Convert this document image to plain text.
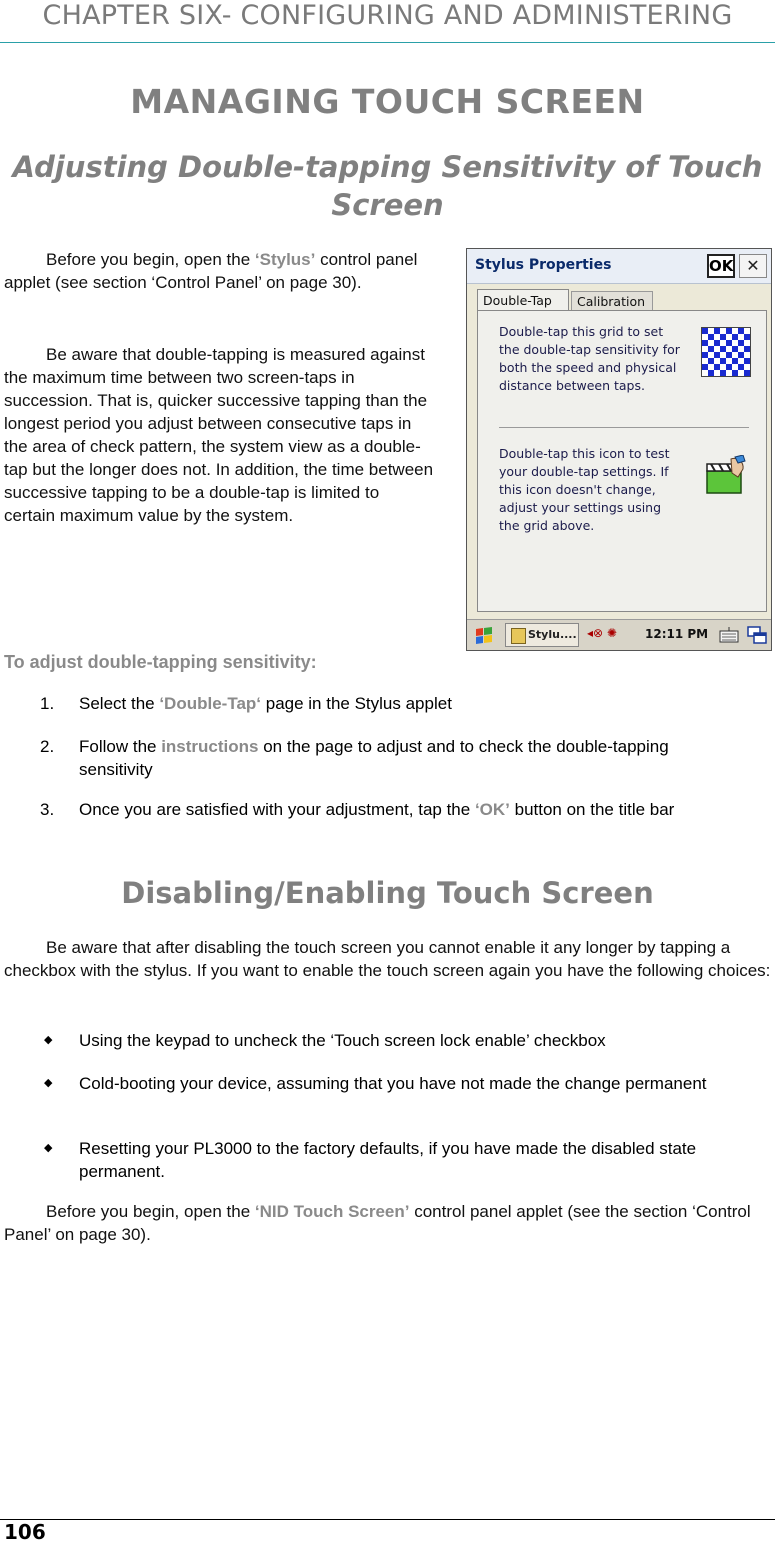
CHAPTER SIX- CONFIGURING AND ADMINISTERING
MANAGING TOUCH SCREEN
Adjusting Double-tapping Sensitivity of Touch Screen

Before you begin, open the ‘Stylus’ control panel applet (see section ‘Control Panel’ on page 30).

Be aware that double-tapping is measured against the maximum time between two screen-taps in succession. That is, quicker successive tapping than the longest period you adjust between consecutive taps in the area of check pattern, the system view as a double-tap but the longer does not. In addition, the time between successive tapping to be a double-tap is limited to certain maximum value by the system.

Stylus Properties	OK ✕
Double-Tap	Calibration
Double-tap this grid to set the double-tap sensitivity for both the speed and physical distance between taps.
Double-tap this icon to test your double-tap settings. If this icon doesn't change, adjust your settings using the grid above.
Stylu.... ◂⊗ ✺ 12:11 PM

To adjust double-tapping sensitivity:

1. Select the ‘Double-Tap‘ page in the Stylus applet
2. Follow the instructions on the page to adjust and to check the double-tapping sensitivity
3. Once you are satisfied with your adjustment, tap the ‘OK’ button on the title bar
Disabling/Enabling Touch Screen

Be aware that after disabling the touch screen you cannot enable it any longer by tapping a checkbox with the stylus. If you want to enable the touch screen again you have the following choices:

◆ Using the keypad to uncheck the ‘Touch screen lock enable’ checkbox
◆ Cold-booting your device, assuming that you have not made the change permanent
◆ Resetting your PL3000 to the factory defaults, if you have made the disabled state permanent.

Before you begin, open the ‘NID Touch Screen’ control panel applet (see the section ‘Control Panel’ on page 30).

106
